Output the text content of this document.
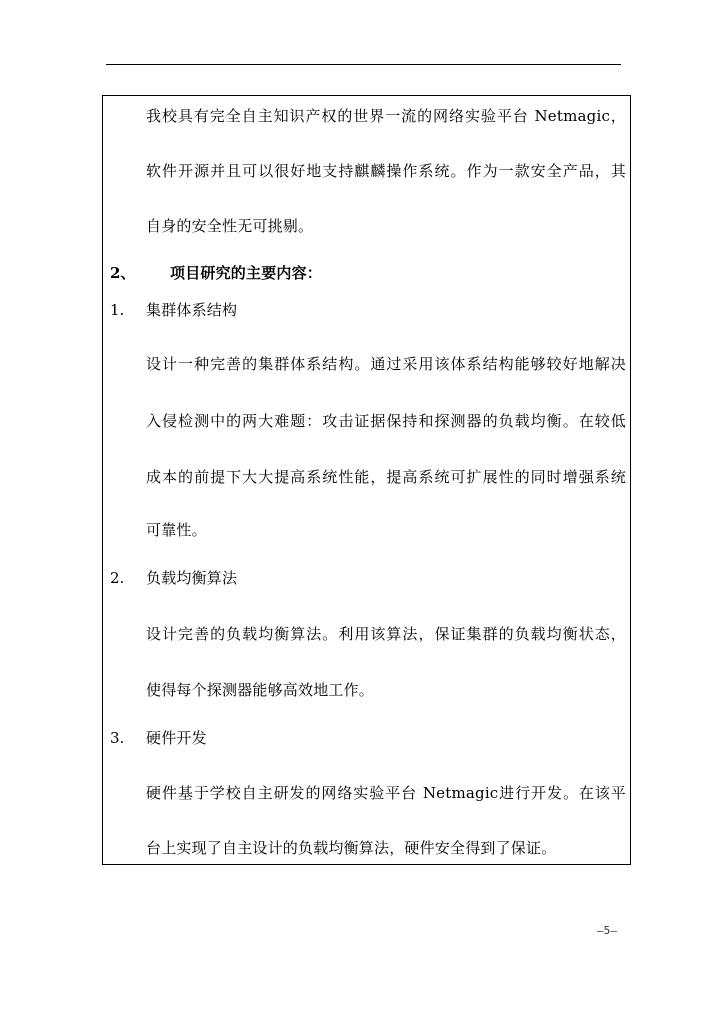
我校具有完全自主知识产权的世界一流的网络实验平台 Netmagic，
软件开源并且可以很好地支持麒麟操作系统。作为一款安全产品，其
自身的安全性无可挑剔。
2、 项目研究的主要内容：
1. 集群体系结构
设计一种完善的集群体系结构。通过采用该体系结构能够较好地解决
入侵检测中的两大难题：攻击证据保持和探测器的负载均衡。在较低
成本的前提下大大提高系统性能，提高系统可扩展性的同时增强系统
可靠性。
2. 负载均衡算法
设计完善的负载均衡算法。利用该算法，保证集群的负载均衡状态，
使得每个探测器能够高效地工作。
3. 硬件开发
硬件基于学校自主研发的网络实验平台 Netmagic进行开发。在该平
台上实现了自主设计的负载均衡算法，硬件安全得到了保证。
—5—
